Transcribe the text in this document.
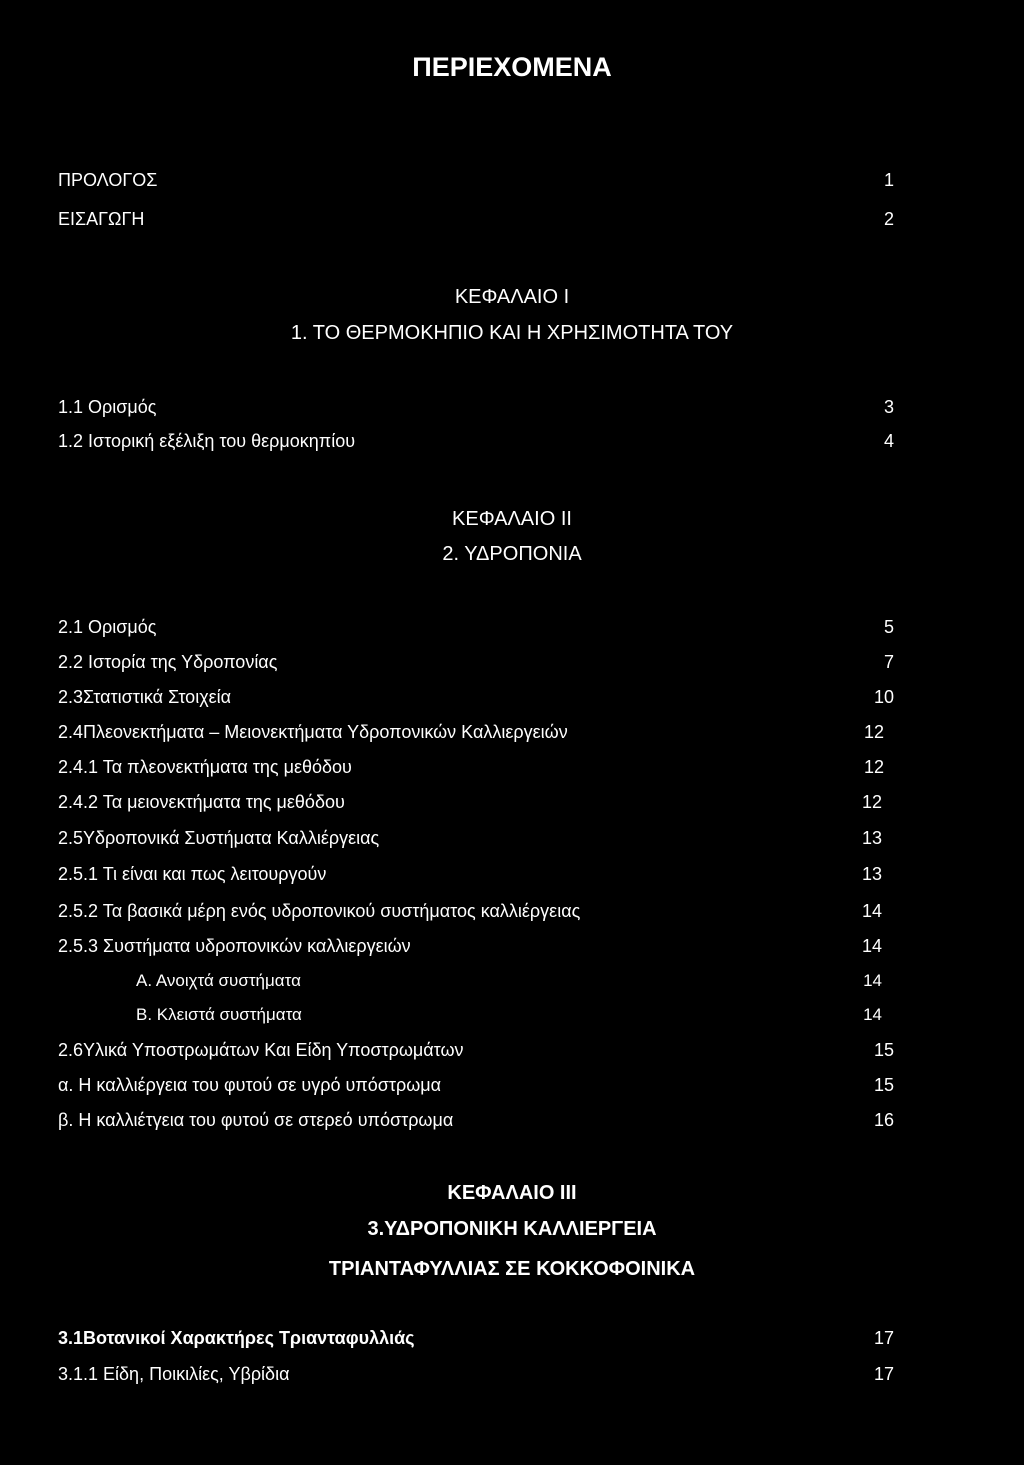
ΠΕΡΙΕΧΟΜΕΝΑ
ΠΡΟΛΟΓΟΣ	1
ΕΙΣΑΓΩΓΗ	2
ΚΕΦΑΛΑΙΟ I
1. ΤΟ ΘΕΡΜΟΚΗΠΙΟ ΚΑΙ Η ΧΡΗΣΙΜΟΤΗΤΑ ΤΟΥ
1.1 Ορισμός	3
1.2 Ιστορική εξέλιξη του θερμοκηπίου	4
ΚΕΦΑΛΑΙΟ II
2. ΥΔΡΟΠΟΝΙΑ
2.1 Ορισμός	5
2.2 Ιστορία της Υδροπονίας	7
2.3Στατιστικά Στοιχεία	10
2.4Πλεονεκτήματα – Μειονεκτήματα Υδροπονικών Καλλιεργειών	12
2.4.1 Τα πλεονεκτήματα της μεθόδου	12
2.4.2 Τα μειονεκτήματα της μεθόδου	12
2.5Υδροπονικά Συστήματα Καλλιέργειας	13
2.5.1 Τι είναι και πως λειτουργούν	13
2.5.2 Τα βασικά μέρη ενός υδροπονικού συστήματος καλλιέργειας	14
2.5.3 Συστήματα υδροπονικών καλλιεργειών	14
Α. Ανοιχτά συστήματα	14
Β. Κλειστά συστήματα	14
2.6Υλικά Υποστρωμάτων Και Είδη Υποστρωμάτων	15
α. Η καλλιέργεια του φυτού σε υγρό υπόστρωμα	15
β. Η καλλιέτγεια του φυτού σε στερεό υπόστρωμα	16
ΚΕΦΑΛΑΙΟ III
3.ΥΔΡΟΠΟΝΙΚΗ ΚΑΛΛΙΕΡΓΕΙΑ
ΤΡΙΑΝΤΑΦΥΛΛΙΑΣ ΣΕ ΚΟΚΚΟΦΟΙΝΙΚΑ
3.1Βοτανικοί Χαρακτήρες Τριανταφυλλιάς	17
3.1.1 Είδη, Ποικιλίες, Υβρίδια	17
